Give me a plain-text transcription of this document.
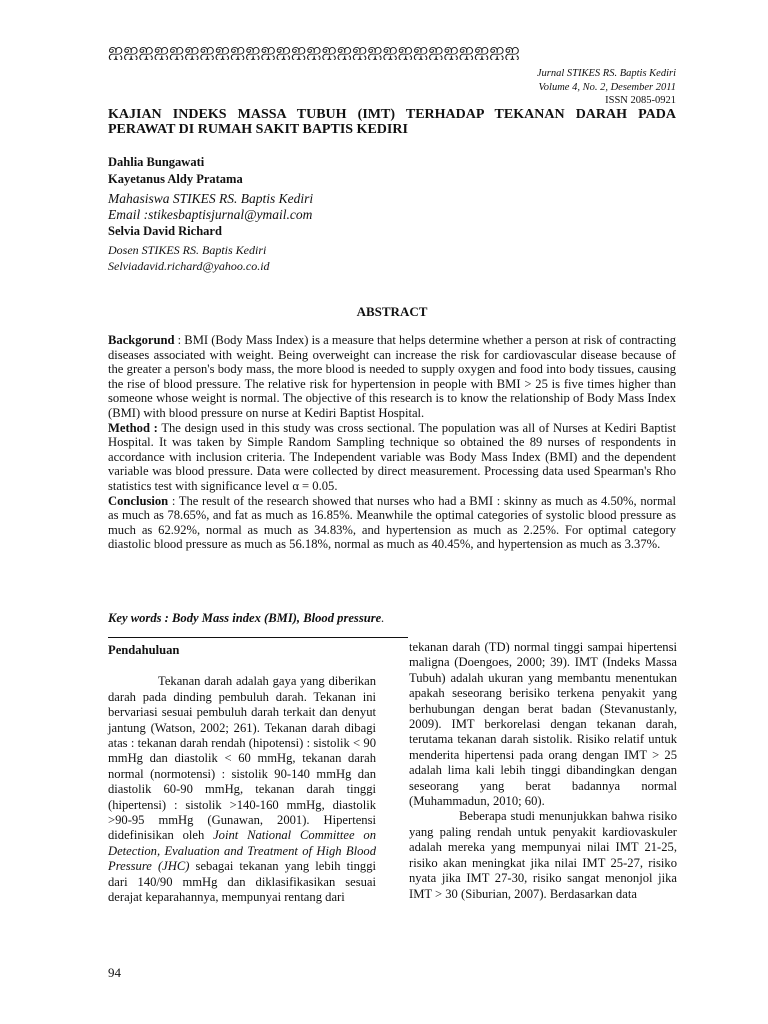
ஐஐஐஐஐஐஐஐஐஐஐஐஐஐஐஐஐஐஐஐஐஐஐஐஐஐஐ
Jurnal STIKES RS. Baptis Kediri
Volume 4, No. 2, Desember 2011
ISSN 2085-0921
KAJIAN INDEKS MASSA TUBUH (IMT) TERHADAP TEKANAN DARAH PADA PERAWAT DI RUMAH SAKIT BAPTIS KEDIRI
Dahlia Bungawati
Kayetanus Aldy Pratama
Mahasiswa STIKES RS. Baptis Kediri
Email :stikesbaptisjurnal@ymail.com
Selvia David Richard
Dosen STIKES RS. Baptis Kediri
Selviadavid.richard@yahoo.co.id
ABSTRACT

Backgorund : BMI (Body Mass Index) is a measure that helps determine whether a person at risk of contracting diseases associated with weight. Being overweight can increase the risk for cardiovascular disease because of the greater a person's body mass, the more blood is needed to supply oxygen and food into body tissues, causing the rise of blood pressure. The relative risk for hypertension in people with BMI > 25 is five times higher than someone whose weight is normal. The objective of this research is to know the relationship of Body Mass Index (BMI) with blood pressure on nurse at Kediri Baptist Hospital.

Method : The design used in this study was cross sectional. The population was all of Nurses at Kediri Baptist Hospital. It was taken by Simple Random Sampling technique so obtained the 89 nurses of respondents in accordance with inclusion criteria. The Independent variable was Body Mass Index (BMI) and the dependent variable was blood pressure. Data were collected by direct measurement. Processing data used Spearman's Rho statistics test with significance level α = 0.05.

Conclusion : The result of the research showed that nurses who had a BMI : skinny as much as 4.50%, normal as much as 78.65%, and fat as much as 16.85%. Meanwhile the optimal categories of systolic blood pressure as much as 62.92%, normal as much as 34.83%, and hypertension as much as 2.25%. For optimal category diastolic blood pressure as much as 56.18%, normal as much as 40.45%, and hypertension as much as 3.37%.

Key words : Body Mass index (BMI), Blood pressure.

Pendahuluan

Tekanan darah adalah gaya yang diberikan darah pada dinding pembuluh darah. Tekanan ini bervariasi sesuai pembuluh darah terkait dan denyut jantung (Watson, 2002; 261). Tekanan darah dibagi atas : tekanan darah rendah (hipotensi) : sistolik < 90 mmHg dan diastolik < 60 mmHg, tekanan darah normal (normotensi) : sistolik 90-140 mmHg dan diastolik 60-90 mmHg, tekanan darah tinggi (hipertensi) : sistolik >140-160 mmHg, diastolik >90-95 mmHg (Gunawan, 2001). Hipertensi didefinisikan oleh Joint National Committee on Detection, Evaluation and Treatment of High Blood Pressure (JHC) sebagai tekanan yang lebih tinggi dari 140/90 mmHg dan diklasifikasikan sesuai derajat keparahannya, mempunyai rentang dari

tekanan darah (TD) normal tinggi sampai hipertensi maligna (Doengoes, 2000; 39). IMT (Indeks Massa Tubuh) adalah ukuran yang membantu menentukan apakah seseorang berisiko terkena penyakit yang berhubungan dengan berat badan (Stevanustanly, 2009). IMT berkorelasi dengan tekanan darah, terutama tekanan darah sistolik. Risiko relatif untuk menderita hipertensi pada orang dengan IMT > 25 adalah lima kali lebih tinggi dibandingkan dengan seseorang yang berat badannya normal (Muhammadun, 2010; 60).

Beberapa studi menunjukkan bahwa risiko yang paling rendah untuk penyakit kardiovaskuler adalah mereka yang mempunyai nilai IMT 21-25, risiko akan meningkat jika nilai IMT 25-27, risiko nyata jika IMT 27-30, risiko sangat menonjol jika IMT > 30 (Siburian, 2007). Berdasarkan data

94
